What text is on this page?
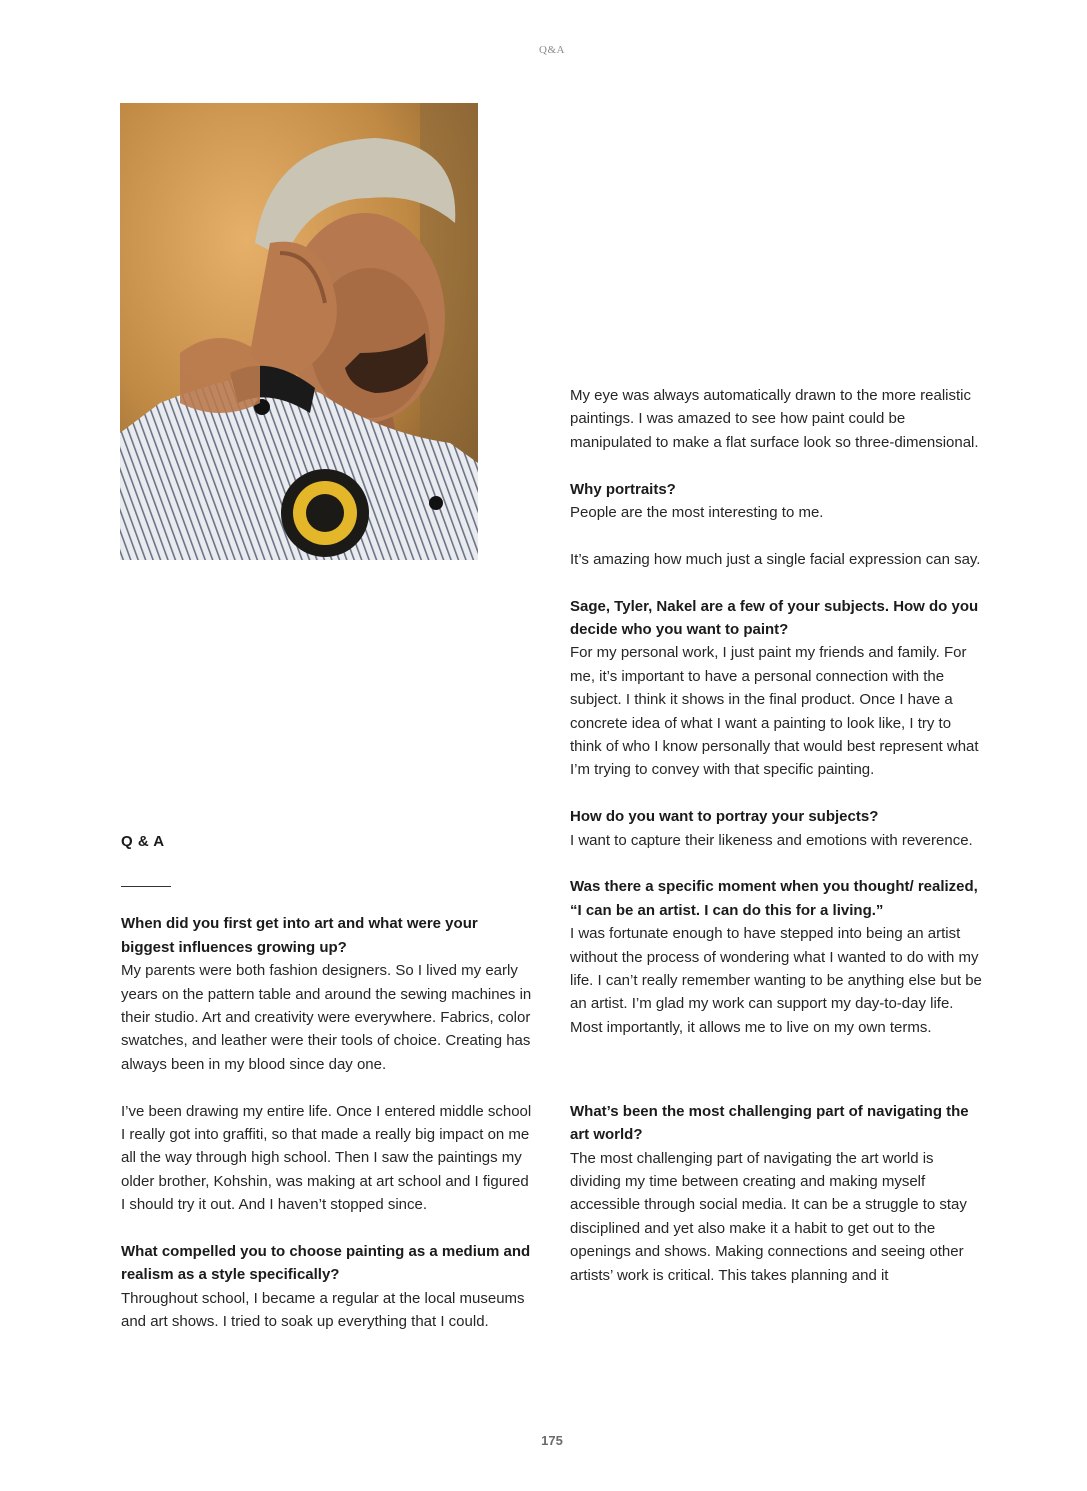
Q&A
Q & A

When did you first get into art and what were your biggest influences growing up?

My parents were both fashion designers. So I lived my early years on the pattern table and around the sewing machines in their studio. Art and creativity were everywhere. Fabrics, color swatches, and leather were their tools of choice. Creating has always been in my blood since day one.

I’ve been drawing my entire life. Once I entered middle school I really got into graffiti, so that made a really big impact on me all the way through high school. Then I saw the paintings my older brother, Kohshin, was making at art school and I figured I should try it out. And I haven’t stopped since.

What compelled you to choose painting as a medium and realism as a style specifically?

Throughout school, I became a regular at the local museums and art shows. I tried to soak up everything that I could.

My eye was always automatically drawn to the more realistic paintings. I was amazed to see how paint could be manipulated to make a flat surface look so three-dimensional.

Why portraits?

People are the most interesting to me.

It’s amazing how much just a single facial expression can say.

Sage, Tyler, Nakel are a few of your subjects. How do you decide who you want to paint?

For my personal work, I just paint my friends and family. For me, it’s important to have a personal connection with the subject. I think it shows in the final product. Once I have a concrete idea of what I want a painting to look like, I try to think of who I know personally that would best represent what I’m trying to convey with that specific painting.

How do you want to portray your subjects?

I want to capture their likeness and emotions with reverence.

Was there a specific moment when you thought/ realized, “I can be an artist. I can do this for a living.”

I was fortunate enough to have stepped into being an artist without the process of wondering what I wanted to do with my life. I can’t really remember wanting to be anything else but be an artist. I’m glad my work can support my day-to-day life. Most importantly, it allows me to live on my own terms.

What’s been the most challenging part of navigating the art world?

The most challenging part of navigating the art world is dividing my time between creating and making myself accessible through social media. It can be a struggle to stay disciplined and yet also make it a habit to get out to the openings and shows. Making connections and seeing other artists’ work is critical. This takes planning and it

175
